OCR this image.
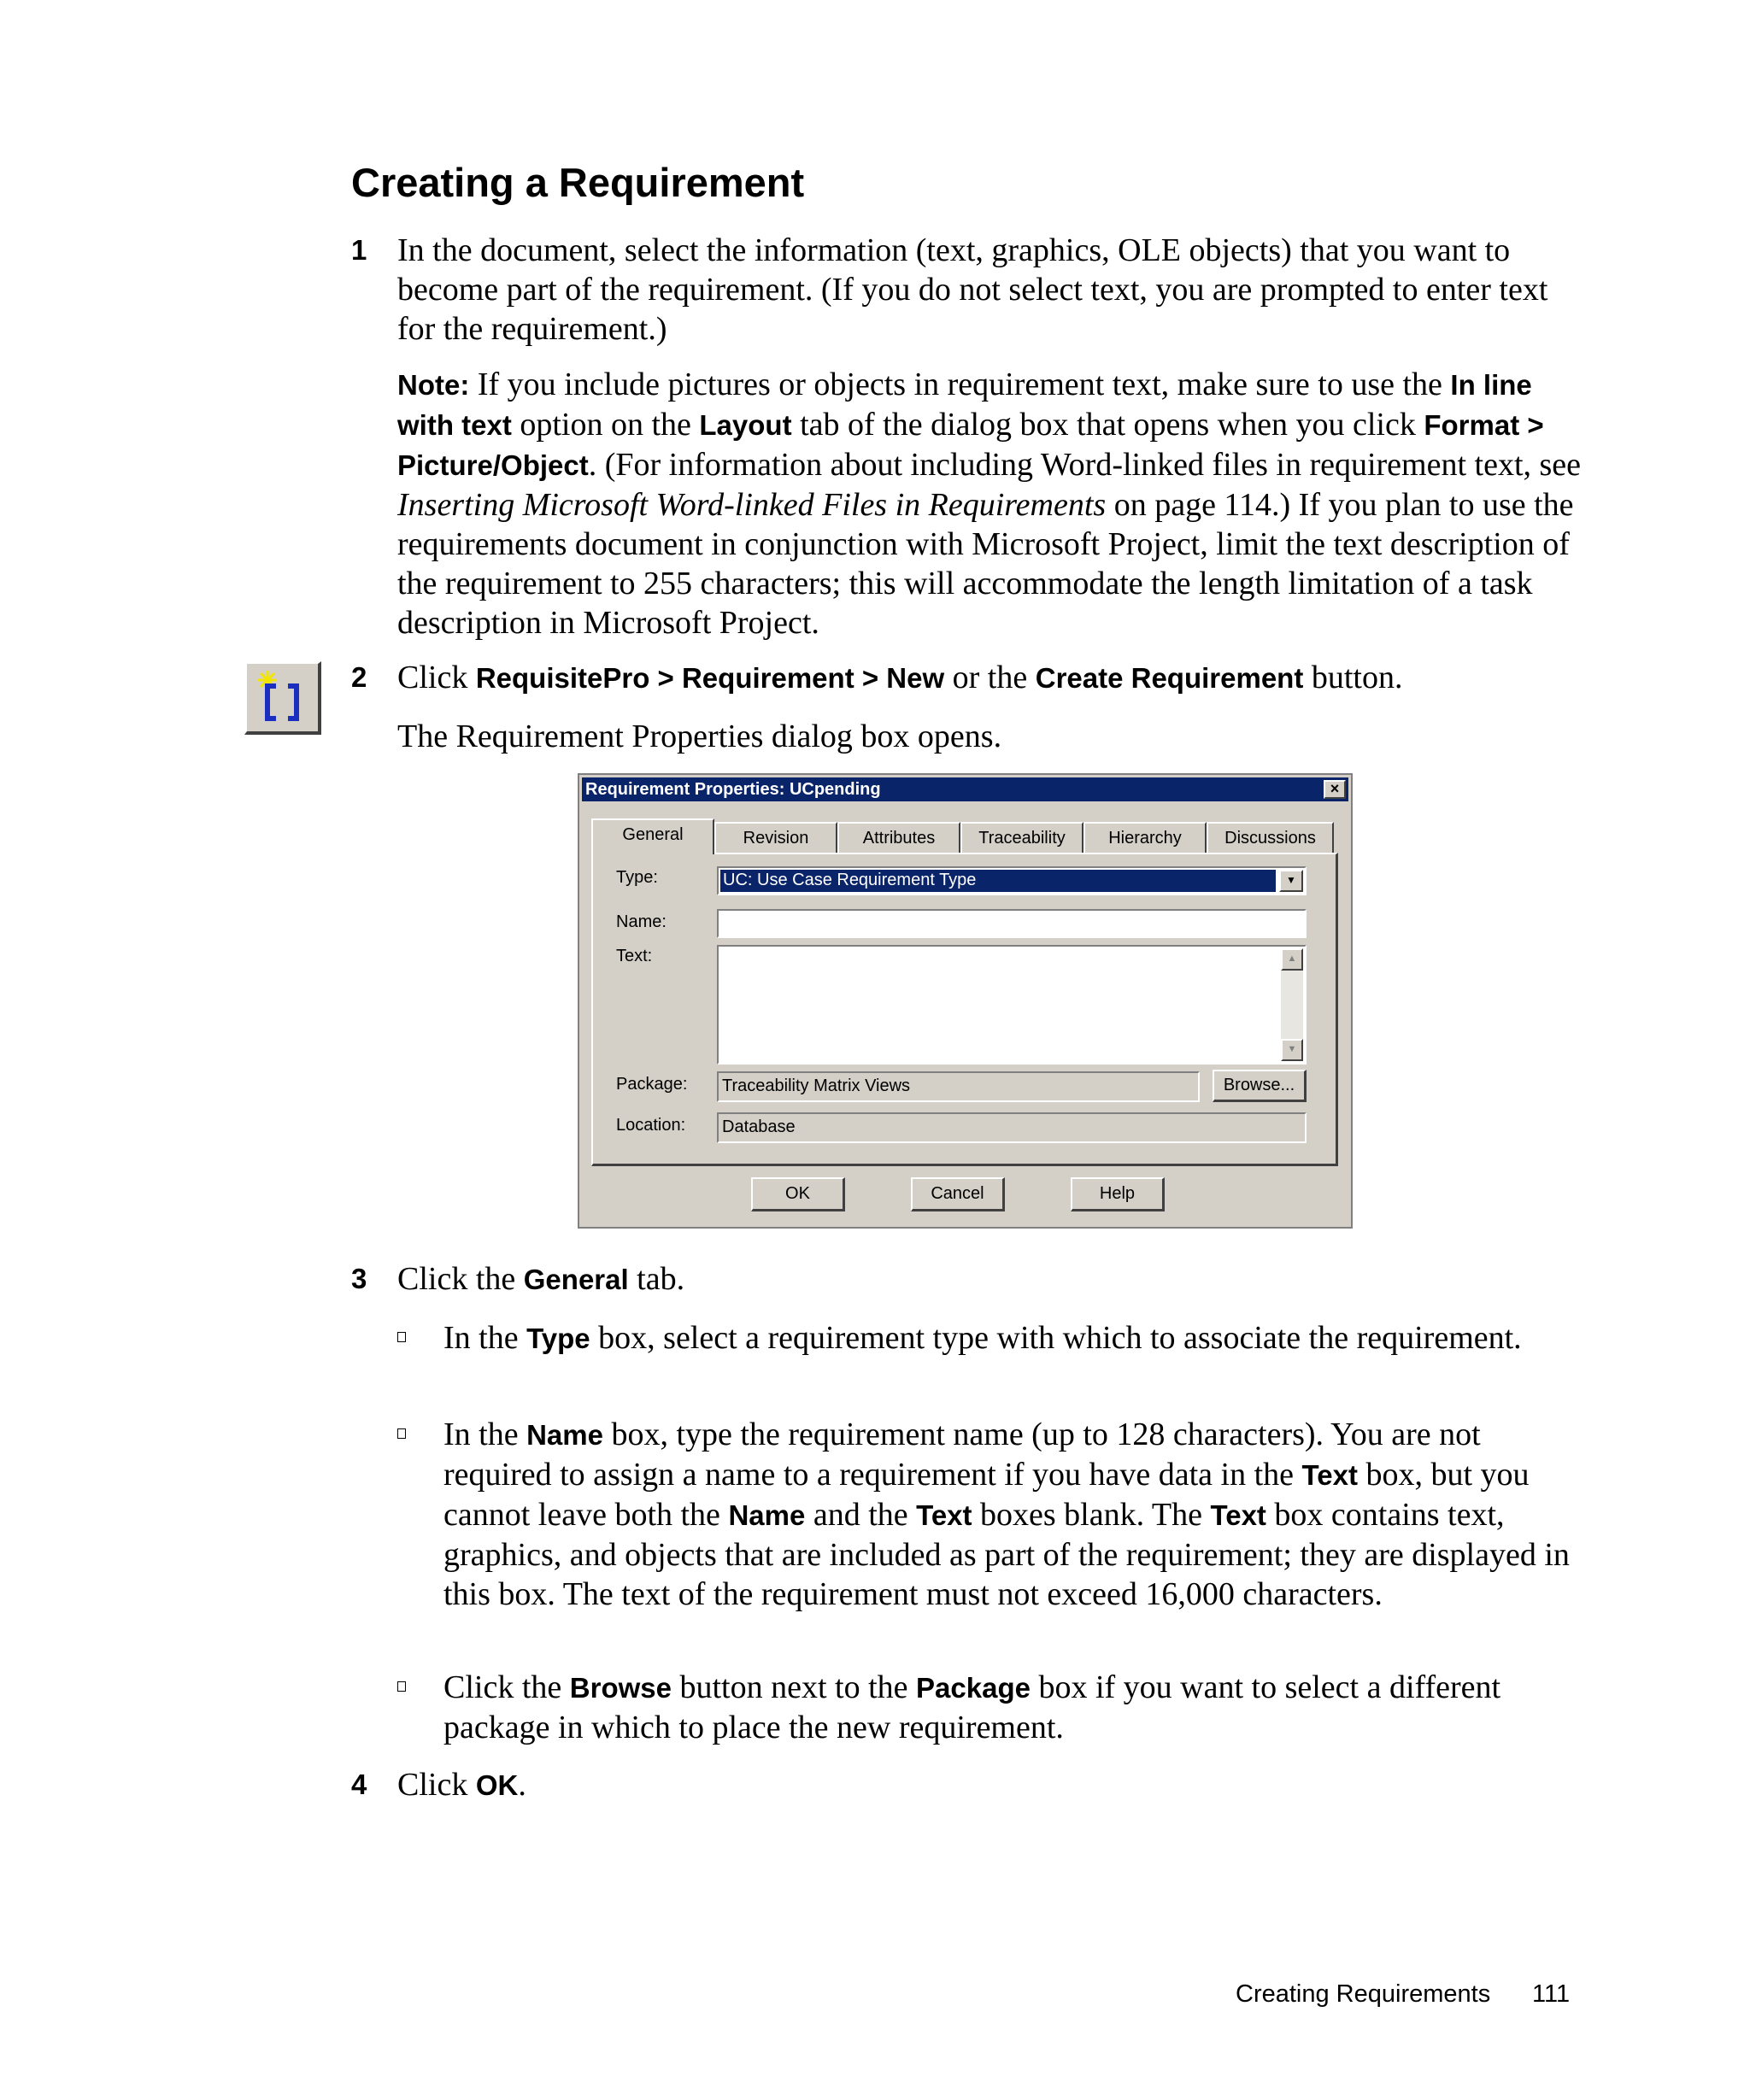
Creating a Requirement
1 In the document, select the information (text, graphics, OLE objects) that you want to become part of the requirement. (If you do not select text, you are prompted to enter text for the requirement.)

Note: If you include pictures or objects in requirement text, make sure to use the In line with text option on the Layout tab of the dialog box that opens when you click Format > Picture/Object. (For information about including Word-linked files in requirement text, see Inserting Microsoft Word-linked Files in Requirements on page 114.) If you plan to use the requirements document in conjunction with Microsoft Project, limit the text description of the requirement to 255 characters; this will accommodate the length limitation of a task description in Microsoft Project.

2 Click RequisitePro > Requirement > New or the Create Requirement button.

The Requirement Properties dialog box opens.

Requirement Properties: UCpending	×
General	Revision	Attributes	Traceability	Hierarchy	Discussions
Type:	UC: Use Case Requirement Type	▼
Name:
Text:	▲
▼
Package: Traceability Matrix Views	Browse...
Location: Database
OK	Cancel	Help
3 Click the General tab.

In the Type box, select a requirement type with which to associate the requirement.

In the Name box, type the requirement name (up to 128 characters). You are not required to assign a name to a requirement if you have data in the Text box, but you cannot leave both the Name and the Text boxes blank. The Text box contains text, graphics, and objects that are included as part of the requirement; they are displayed in this box. The text of the requirement must not exceed 16,000 characters.

Click the Browse button next to the Package box if you want to select a different package in which to place the new requirement.

4 Click OK.

Creating Requirements 111
